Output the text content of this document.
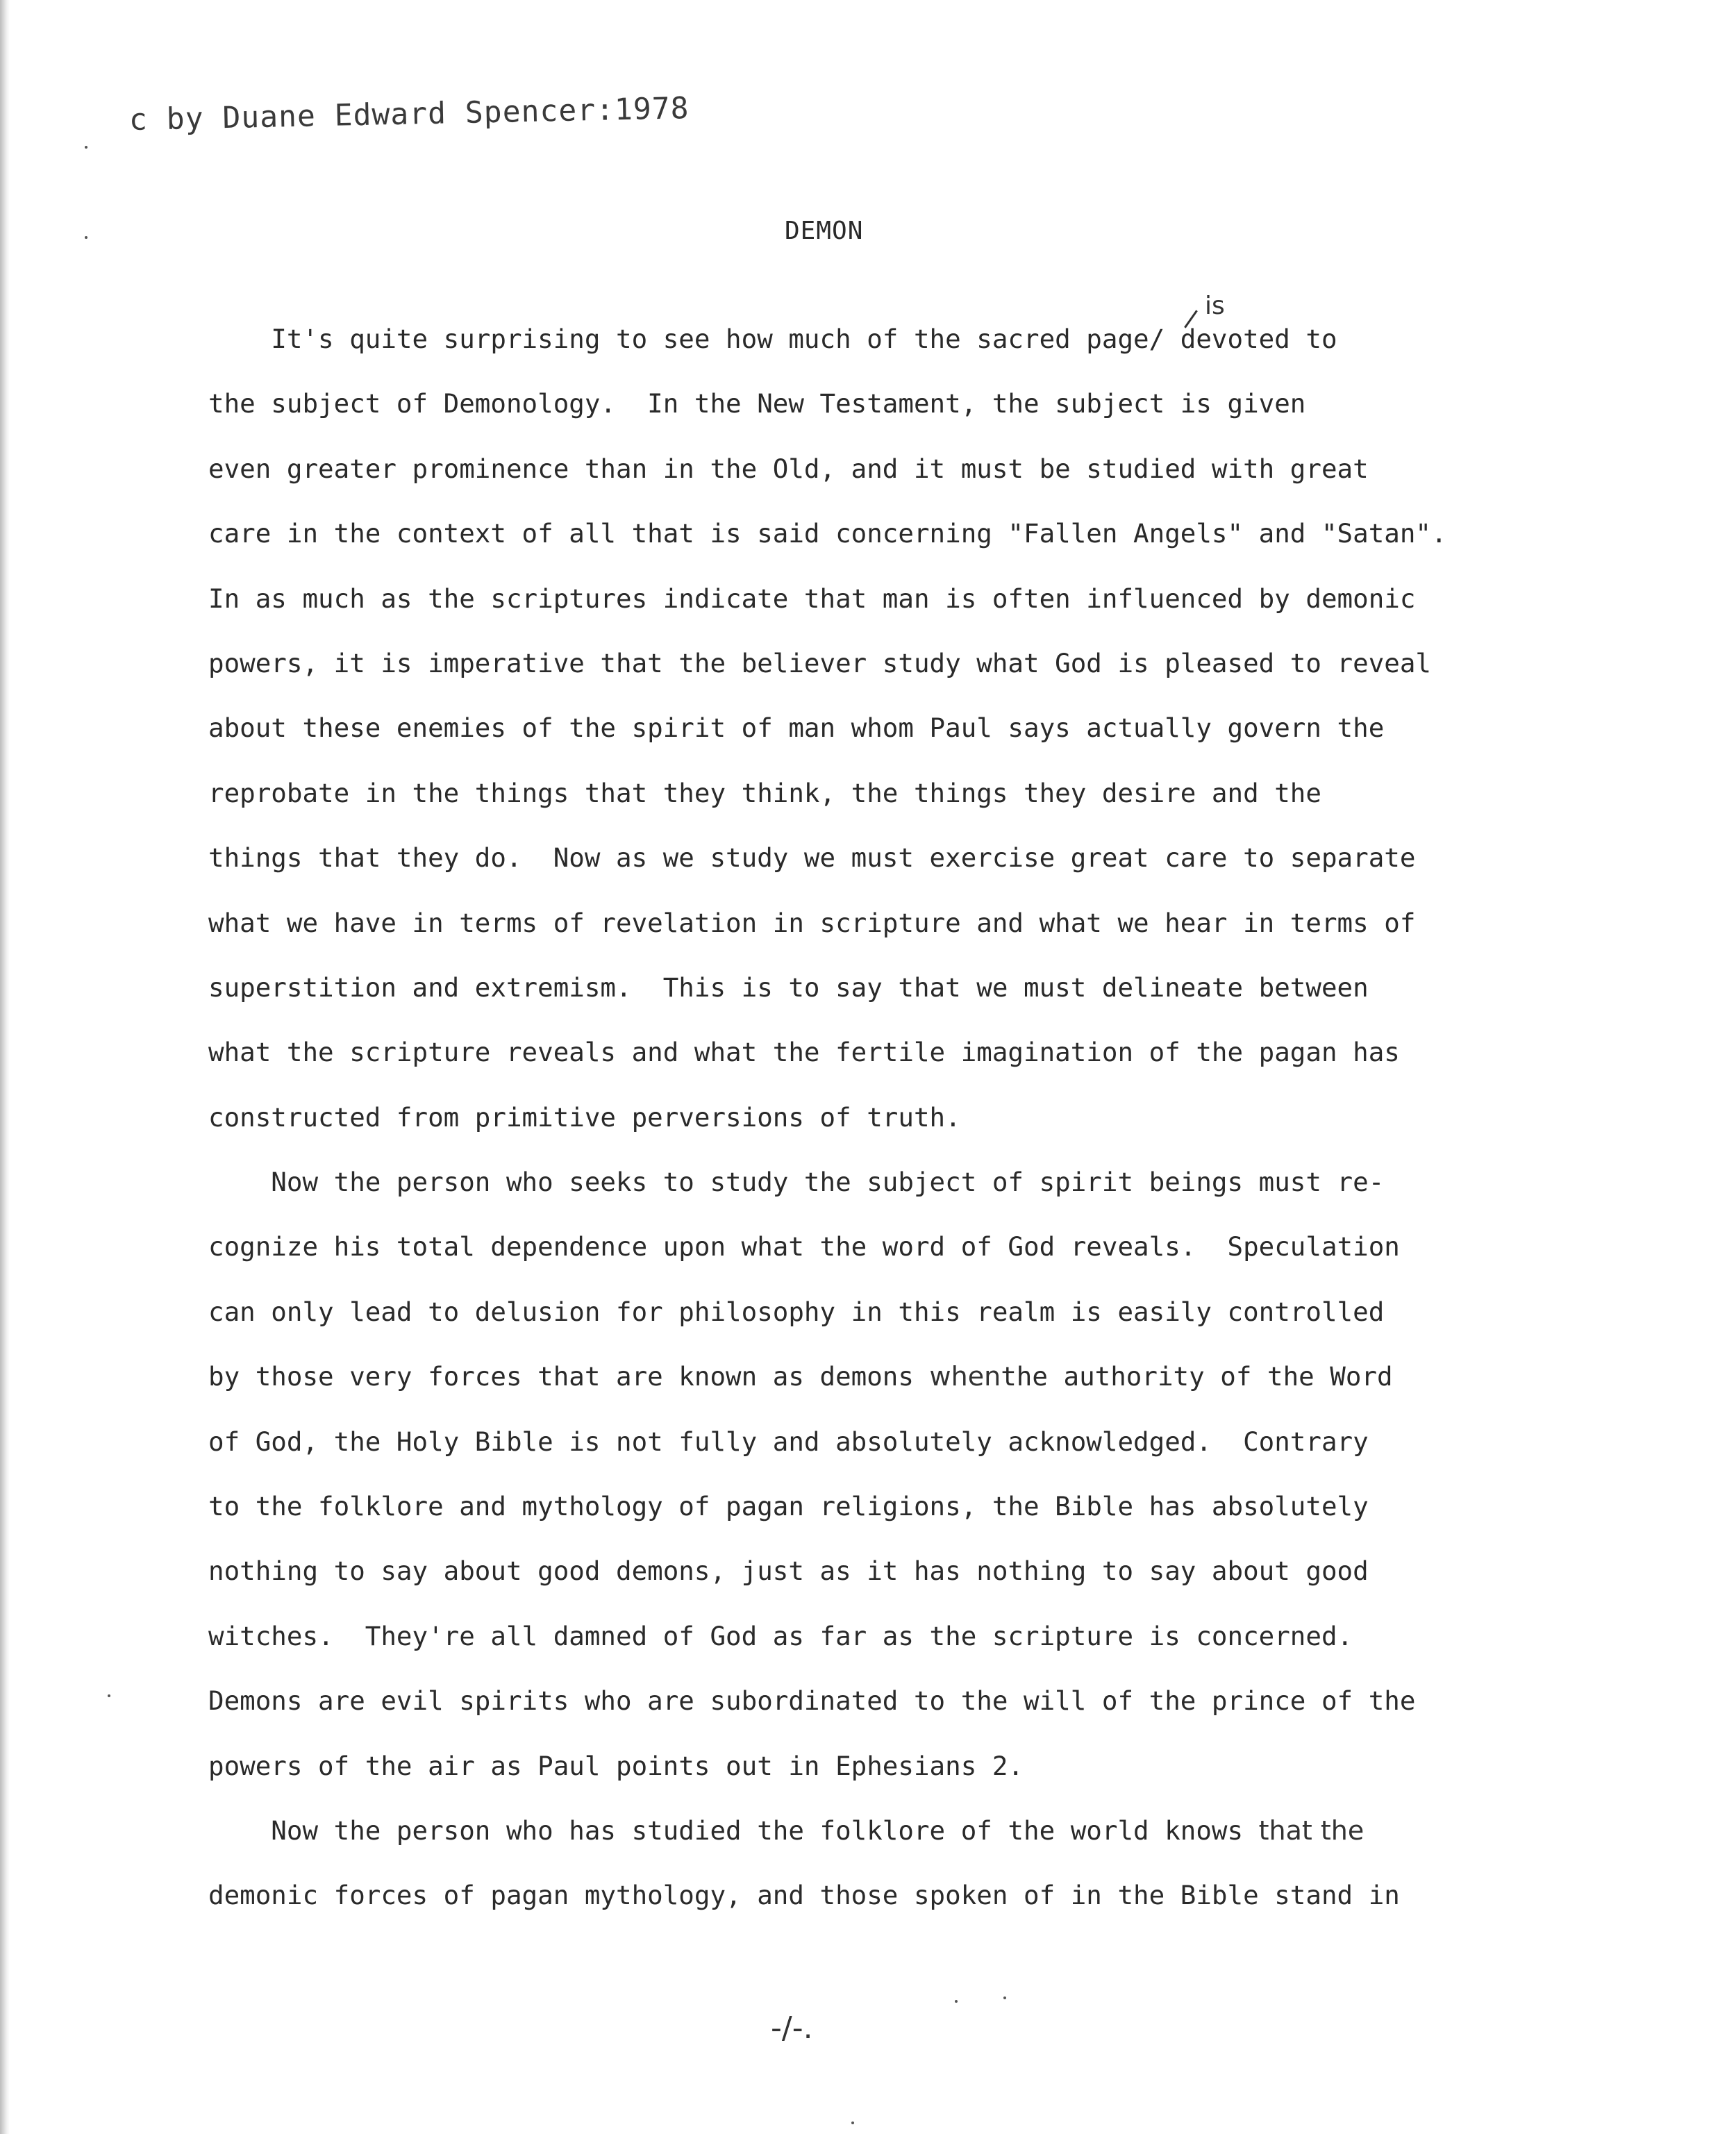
c by Duane Edward Spencer:1978
DEMON
is
It's quite surprising to see how much of the sacred page/ devoted to
the subject of Demonology.  In the New Testament, the subject is given
even greater prominence than in the Old, and it must be studied with great
care in the context of all that is said concerning "Fallen Angels" and "Satan".
In as much as the scriptures indicate that man is often influenced by demonic
powers, it is imperative that the believer study what God is pleased to reveal
about these enemies of the spirit of man whom Paul says actually govern the
reprobate in the things that they think, the things they desire and the
things that they do.  Now as we study we must exercise great care to separate
what we have in terms of revelation in scripture and what we hear in terms of
superstition and extremism.  This is to say that we must delineate between
what the scripture reveals and what the fertile imagination of the pagan has
constructed from primitive perversions of truth.
Now the person who seeks to study the subject of spirit beings must re-
cognize his total dependence upon what the word of God reveals.  Speculation
can only lead to delusion for philosophy in this realm is easily controlled
by those very forces that are known as demons whenthe authority of the Word
of God, the Holy Bible is not fully and absolutely acknowledged.  Contrary
to the folklore and mythology of pagan religions, the Bible has absolutely
nothing to say about good demons, just as it has nothing to say about good
witches.  They're all damned of God as far as the scripture is concerned.
Demons are evil spirits who are subordinated to the will of the prince of the
powers of the air as Paul points out in Ephesians 2.
Now the person who has studied the folklore of the world knows that the
demonic forces of pagan mythology, and those spoken of in the Bible stand in
-/-.
